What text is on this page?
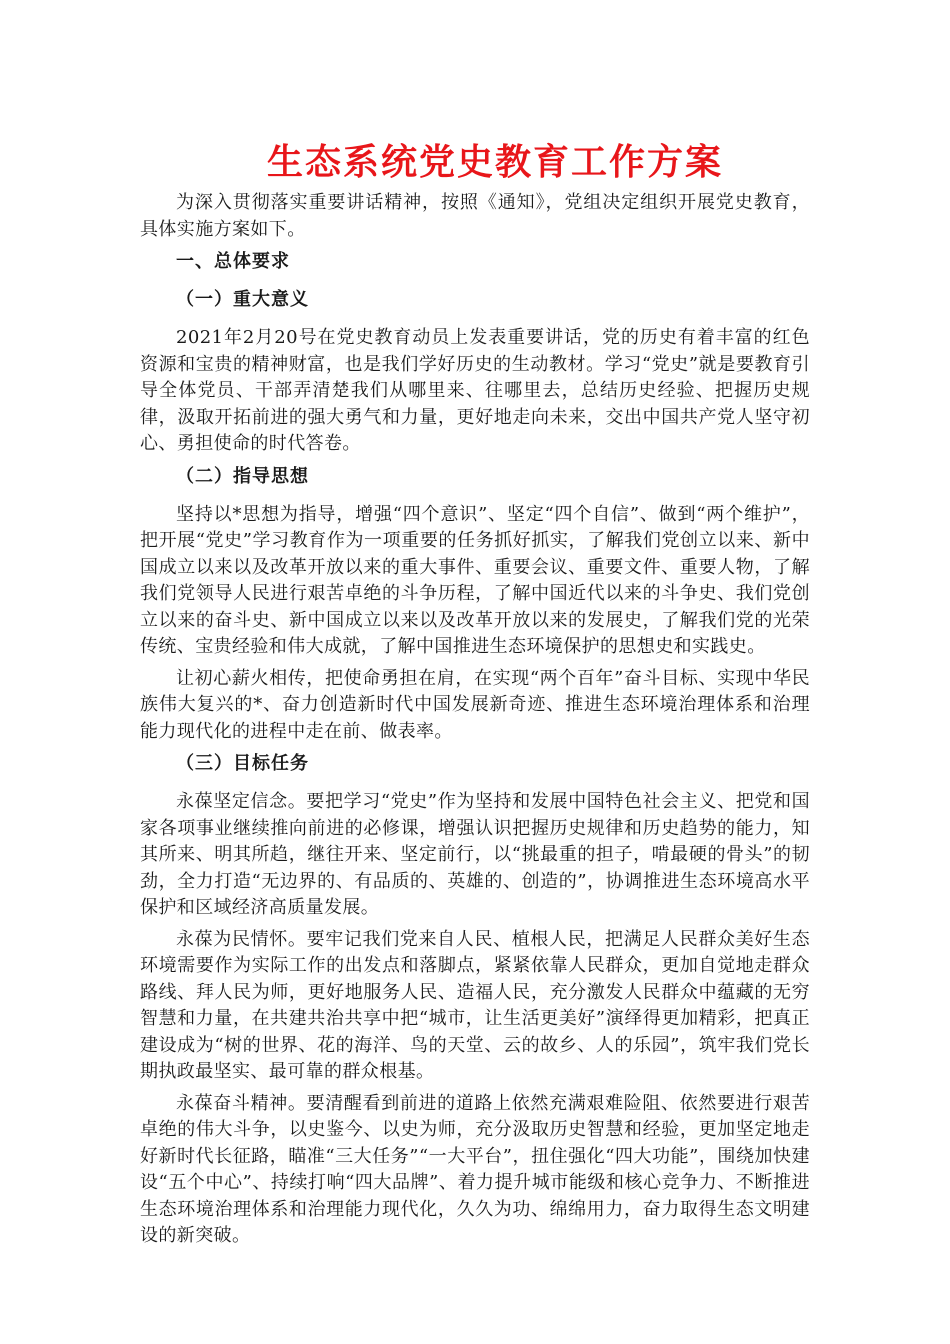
生态系统党史教育工作方案

为深入贯彻落实重要讲话精神，按照《通知》，党组决定组织开展党史教育，具体实施方案如下。

一、总体要求
（一）重大意义

2021年2月20号在党史教育动员上发表重要讲话，党的历史有着丰富的红色资源和宝贵的精神财富，也是我们学好历史的生动教材。学习“党史”就是要教育引导全体党员、干部弄清楚我们从哪里来、往哪里去，总结历史经验、把握历史规律，汲取开拓前进的强大勇气和力量，更好地走向未来，交出中国共产党人坚守初心、勇担使命的时代答卷。

（二）指导思想

坚持以*思想为指导，增强“四个意识”、坚定“四个自信”、做到“两个维护”，把开展“党史”学习教育作为一项重要的任务抓好抓实，了解我们党创立以来、新中国成立以来以及改革开放以来的重大事件、重要会议、重要文件、重要人物，了解我们党领导人民进行艰苦卓绝的斗争历程，了解中国近代以来的斗争史、我们党创立以来的奋斗史、新中国成立以来以及改革开放以来的发展史，了解我们党的光荣传统、宝贵经验和伟大成就，了解中国推进生态环境保护的思想史和实践史。

让初心薪火相传，把使命勇担在肩，在实现“两个百年”奋斗目标、实现中华民族伟大复兴的*、奋力创造新时代中国发展新奇迹、推进生态环境治理体系和治理能力现代化的进程中走在前、做表率。

（三）目标任务

永葆坚定信念。要把学习“党史”作为坚持和发展中国特色社会主义、把党和国家各项事业继续推向前进的必修课，增强认识把握历史规律和历史趋势的能力，知其所来、明其所趋，继往开来、坚定前行，以“挑最重的担子，啃最硬的骨头”的韧劲，全力打造“无边界的、有品质的、英雄的、创造的”，协调推进生态环境高水平保护和区域经济高质量发展。

永葆为民情怀。要牢记我们党来自人民、植根人民，把满足人民群众美好生态环境需要作为实际工作的出发点和落脚点，紧紧依靠人民群众，更加自觉地走群众路线、拜人民为师，更好地服务人民、造福人民，充分激发人民群众中蕴藏的无穷智慧和力量，在共建共治共享中把“城市，让生活更美好”演绎得更加精彩，把真正建设成为“树的世界、花的海洋、鸟的天堂、云的故乡、人的乐园”，筑牢我们党长期执政最坚实、最可靠的群众根基。

永葆奋斗精神。要清醒看到前进的道路上依然充满艰难险阻、依然要进行艰苦卓绝的伟大斗争，以史鉴今、以史为师，充分汲取历史智慧和经验，更加坚定地走好新时代长征路，瞄准“三大任务”“一大平台”，扭住强化“四大功能”，围绕加快建设“五个中心”、持续打响“四大品牌”、着力提升城市能级和核心竞争力、不断推进生态环境治理体系和治理能力现代化，久久为功、绵绵用力，奋力取得生态文明建设的新突破。
